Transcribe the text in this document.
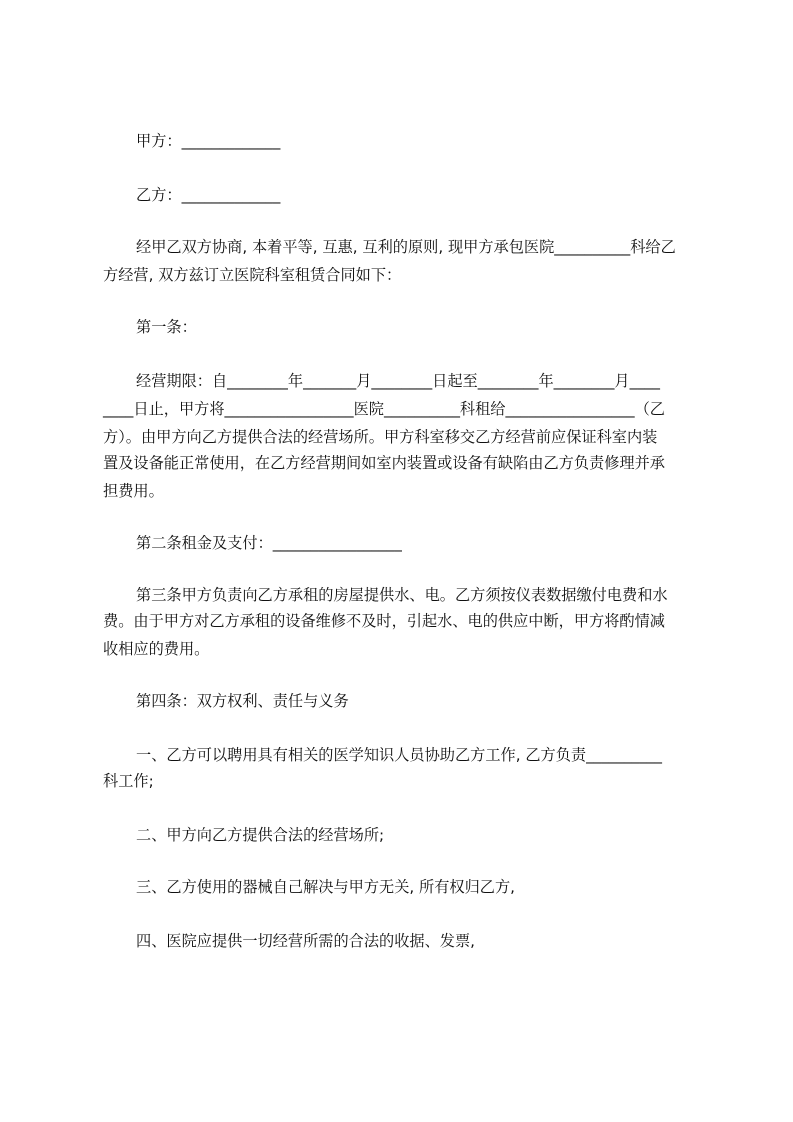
甲方：_____________
乙方：_____________
经甲乙双方协商, 本着平等, 互惠, 互利的原则, 现甲方承包医院__________科给乙
方经营, 双方兹订立医院科室租赁合同如下：
第一条：
经营期限：自________年_______月________日起至________年________月____
____日止，甲方将_________________医院__________科租给_________________（乙
方）。由甲方向乙方提供合法的经营场所。甲方科室移交乙方经营前应保证科室内装
置及设备能正常使用，在乙方经营期间如室内装置或设备有缺陷由乙方负责修理并承
担费用。
第二条租金及支付：_________________
第三条甲方负责向乙方承租的房屋提供水、电。乙方须按仪表数据缴付电费和水
费。由于甲方对乙方承租的设备维修不及时，引起水、电的供应中断，甲方将酌情减
收相应的费用。
第四条：双方权利、责任与义务
一、乙方可以聘用具有相关的医学知识人员协助乙方工作, 乙方负责__________
科工作;
二、甲方向乙方提供合法的经营场所;
三、乙方使用的器械自己解决与甲方无关, 所有权归乙方,
四、医院应提供一切经营所需的合法的收据、发票,
